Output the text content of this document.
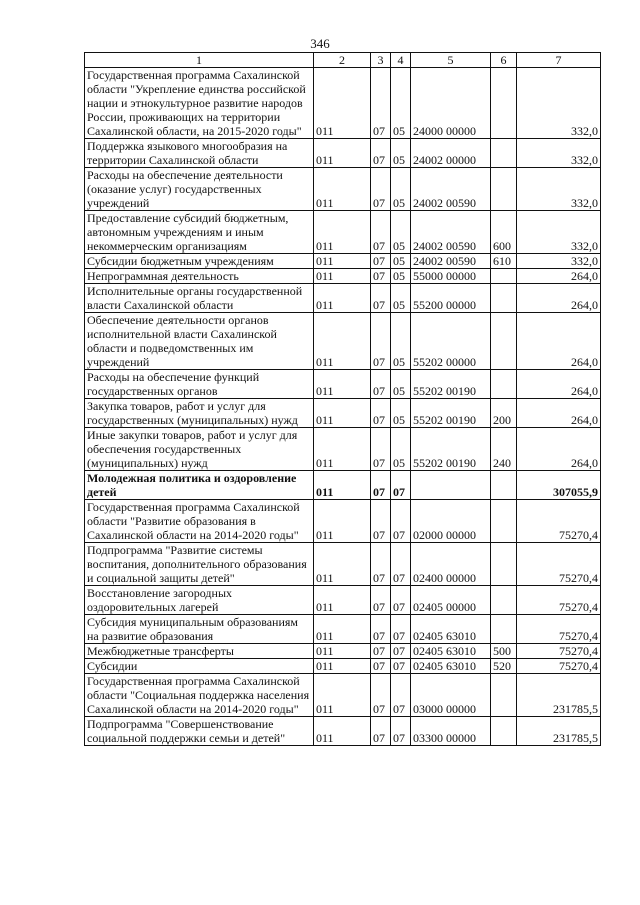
346
1	2	3	4	5	6	7
Государственная программа Сахалинской области "Укрепление единства российской нации и этнокультурное развитие народов России, проживающих на территории Сахалинской области, на 2015-2020 годы"	011	07	05	24000 00000		332,0
Поддержка языкового многообразия на территории Сахалинской области	011	07	05	24002 00000		332,0
Расходы на обеспечение деятельности (оказание услуг) государственных учреждений	011	07	05	24002 00590		332,0
Предоставление субсидий бюджетным, автономным учреждениям и иным некоммерческим организациям	011	07	05	24002 00590	600	332,0
Субсидии бюджетным учреждениям	011	07	05	24002 00590	610	332,0
Непрограммная деятельность	011	07	05	55000 00000		264,0
Исполнительные органы государственной власти Сахалинской области	011	07	05	55200 00000		264,0
Обеспечение деятельности органов исполнительной власти Сахалинской области и подведомственных им учреждений	011	07	05	55202 00000		264,0
Расходы на обеспечение функций государственных органов	011	07	05	55202 00190		264,0
Закупка товаров, работ и услуг для государственных (муниципальных) нужд	011	07	05	55202 00190	200	264,0
Иные закупки товаров, работ и услуг для обеспечения государственных (муниципальных) нужд	011	07	05	55202 00190	240	264,0
Молодежная политика и оздоровление детей	011	07	07			307055,9
Государственная программа Сахалинской области "Развитие образования в Сахалинской области на 2014-2020 годы"	011	07	07	02000 00000		75270,4
Подпрограмма "Развитие системы воспитания, дополнительного образования и социальной защиты детей"	011	07	07	02400 00000		75270,4
Восстановление загородных оздоровительных лагерей	011	07	07	02405 00000		75270,4
Субсидия муниципальным образованиям на развитие образования	011	07	07	02405 63010		75270,4
Межбюджетные трансферты	011	07	07	02405 63010	500	75270,4
Субсидии	011	07	07	02405 63010	520	75270,4
Государственная программа Сахалинской области "Социальная поддержка населения Сахалинской области на 2014-2020 годы"	011	07	07	03000 00000		231785,5
Подпрограмма "Совершенствование социальной поддержки семьи и детей"	011	07	07	03300 00000		231785,5
